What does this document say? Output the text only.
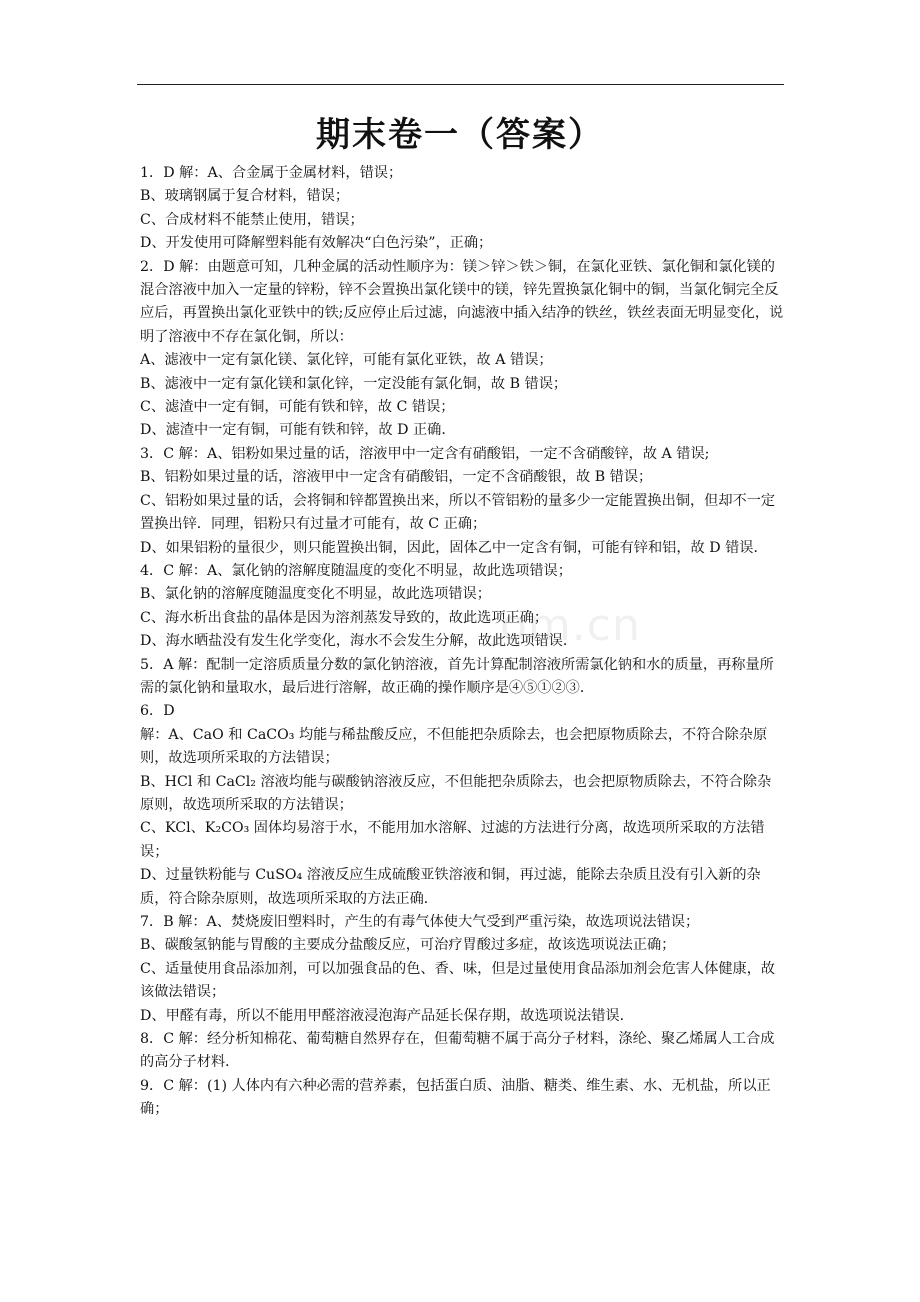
期末卷一（答案）

1．D 解：A、合金属于金属材料，错误；

B、玻璃钢属于复合材料，错误；

C、合成材料不能禁止使用，错误；

D、开发使用可降解塑料能有效解决“白色污染”，正确；

2．D 解：由题意可知，几种金属的活动性顺序为：镁＞锌＞铁＞铜，在氯化亚铁、氯化铜和氯化镁的混合溶液中加入一定量的锌粉，锌不会置换出氯化镁中的镁，锌先置换氯化铜中的铜，当氯化铜完全反应后，再置换出氯化亚铁中的铁;反应停止后过滤，向滤液中插入结净的铁丝，铁丝表面无明显变化，说明了溶液中不存在氯化铜，所以：

A、滤液中一定有氯化镁、氯化锌，可能有氯化亚铁，故 A 错误；

B、滤液中一定有氯化镁和氯化锌，一定没能有氯化铜，故 B 错误；

C、滤渣中一定有铜，可能有铁和锌，故 C 错误；

D、滤渣中一定有铜，可能有铁和锌，故 D 正确．

3．C 解：A、铝粉如果过量的话，溶液甲中一定含有硝酸铝，一定不含硝酸锌，故 A 错误;

B、铝粉如果过量的话，溶液甲中一定含有硝酸铝，一定不含硝酸银，故 B 错误；

C、铝粉如果过量的话，会将铜和锌都置换出来，所以不管铝粉的量多少一定能置换出铜，但却不一定置换出锌．同理，铝粉只有过量才可能有，故 C 正确；

D、如果铝粉的量很少，则只能置换出铜，因此，固体乙中一定含有铜，可能有锌和铝，故 D 错误．

4．C 解：A、氯化钠的溶解度随温度的变化不明显，故此选项错误；

B、氯化钠的溶解度随温度变化不明显，故此选项错误；

C、海水析出食盐的晶体是因为溶剂蒸发导致的，故此选项正确；

D、海水晒盐没有发生化学变化，海水不会发生分解，故此选项错误．

5．A 解：配制一定溶质质量分数的氯化钠溶液，首先计算配制溶液所需氯化钠和水的质量，再称量所需的氯化钠和量取水，最后进行溶解，故正确的操作顺序是④⑤①②③．

6．D

解：A、CaO 和 CaCO₃ 均能与稀盐酸反应，不但能把杂质除去，也会把原物质除去，不符合除杂原则，故选项所采取的方法错误；

B、HCl 和 CaCl₂ 溶液均能与碳酸钠溶液反应，不但能把杂质除去，也会把原物质除去，不符合除杂原则，故选项所采取的方法错误；

C、KCl、K₂CO₃ 固体均易溶于水，不能用加水溶解、过滤的方法进行分离，故选项所采取的方法错误；

D、过量铁粉能与 CuSO₄ 溶液反应生成硫酸亚铁溶液和铜，再过滤，能除去杂质且没有引入新的杂质，符合除杂原则，故选项所采取的方法正确．

7．B 解：A、焚烧废旧塑料时，产生的有毒气体使大气受到严重污染，故选项说法错误；

B、碳酸氢钠能与胃酸的主要成分盐酸反应，可治疗胃酸过多症，故该选项说法正确；

C、适量使用食品添加剂，可以加强食品的色、香、味，但是过量使用食品添加剂会危害人体健康，故该做法错误；

D、甲醛有毒，所以不能用甲醛溶液浸泡海产品延长保存期，故选项说法错误．

8．C 解：经分析知棉花、葡萄糖自然界存在，但葡萄糖不属于高分子材料，涤纶、聚乙烯属人工合成的高分子材料．

9．C 解：(1) 人体内有六种必需的营养素，包括蛋白质、油脂、糖类、维生素、水、无机盐，所以正确；

om.cn
